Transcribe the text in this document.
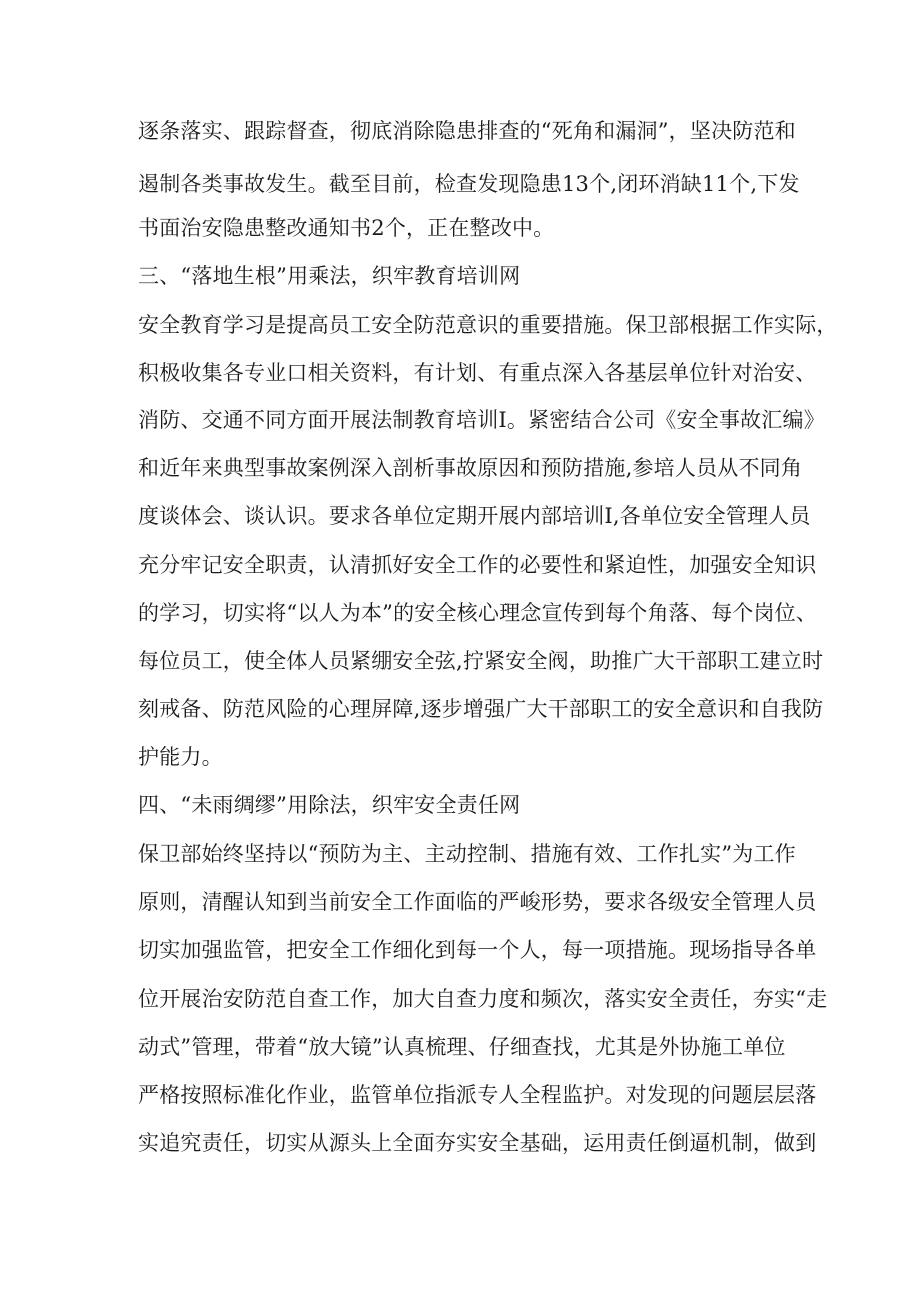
逐条落实、跟踪督查，彻底消除隐患排查的“死角和漏洞”，坚决防范和
遏制各类事故发生。截至目前，检查发现隐患13个,闭环消缺11个,下发
书面治安隐患整改通知书2个，正在整改中。
三、“落地生根”用乘法，织牢教育培训网
安全教育学习是提高员工安全防范意识的重要措施。保卫部根据工作实际，
积极收集各专业口相关资料，有计划、有重点深入各基层单位针对治安、
消防、交通不同方面开展法制教育培训I。紧密结合公司《安全事故汇编》
和近年来典型事故案例深入剖析事故原因和预防措施,参培人员从不同角
度谈体会、谈认识。要求各单位定期开展内部培训I,各单位安全管理人员
充分牢记安全职责，认清抓好安全工作的必要性和紧迫性，加强安全知识
的学习，切实将“以人为本”的安全核心理念宣传到每个角落、每个岗位、
每位员工，使全体人员紧绷安全弦,拧紧安全阀，助推广大干部职工建立时
刻戒备、防范风险的心理屏障,逐步增强广大干部职工的安全意识和自我防
护能力。
四、“未雨绸缪”用除法，织牢安全责任网
保卫部始终坚持以“预防为主、主动控制、措施有效、工作扎实”为工作
原则，清醒认知到当前安全工作面临的严峻形势，要求各级安全管理人员
切实加强监管，把安全工作细化到每一个人，每一项措施。现场指导各单
位开展治安防范自查工作，加大自查力度和频次，落实安全责任，夯实“走
动式”管理，带着“放大镜”认真梳理、仔细查找，尤其是外协施工单位
严格按照标准化作业，监管单位指派专人全程监护。对发现的问题层层落
实追究责任，切实从源头上全面夯实安全基础，运用责任倒逼机制，做到
